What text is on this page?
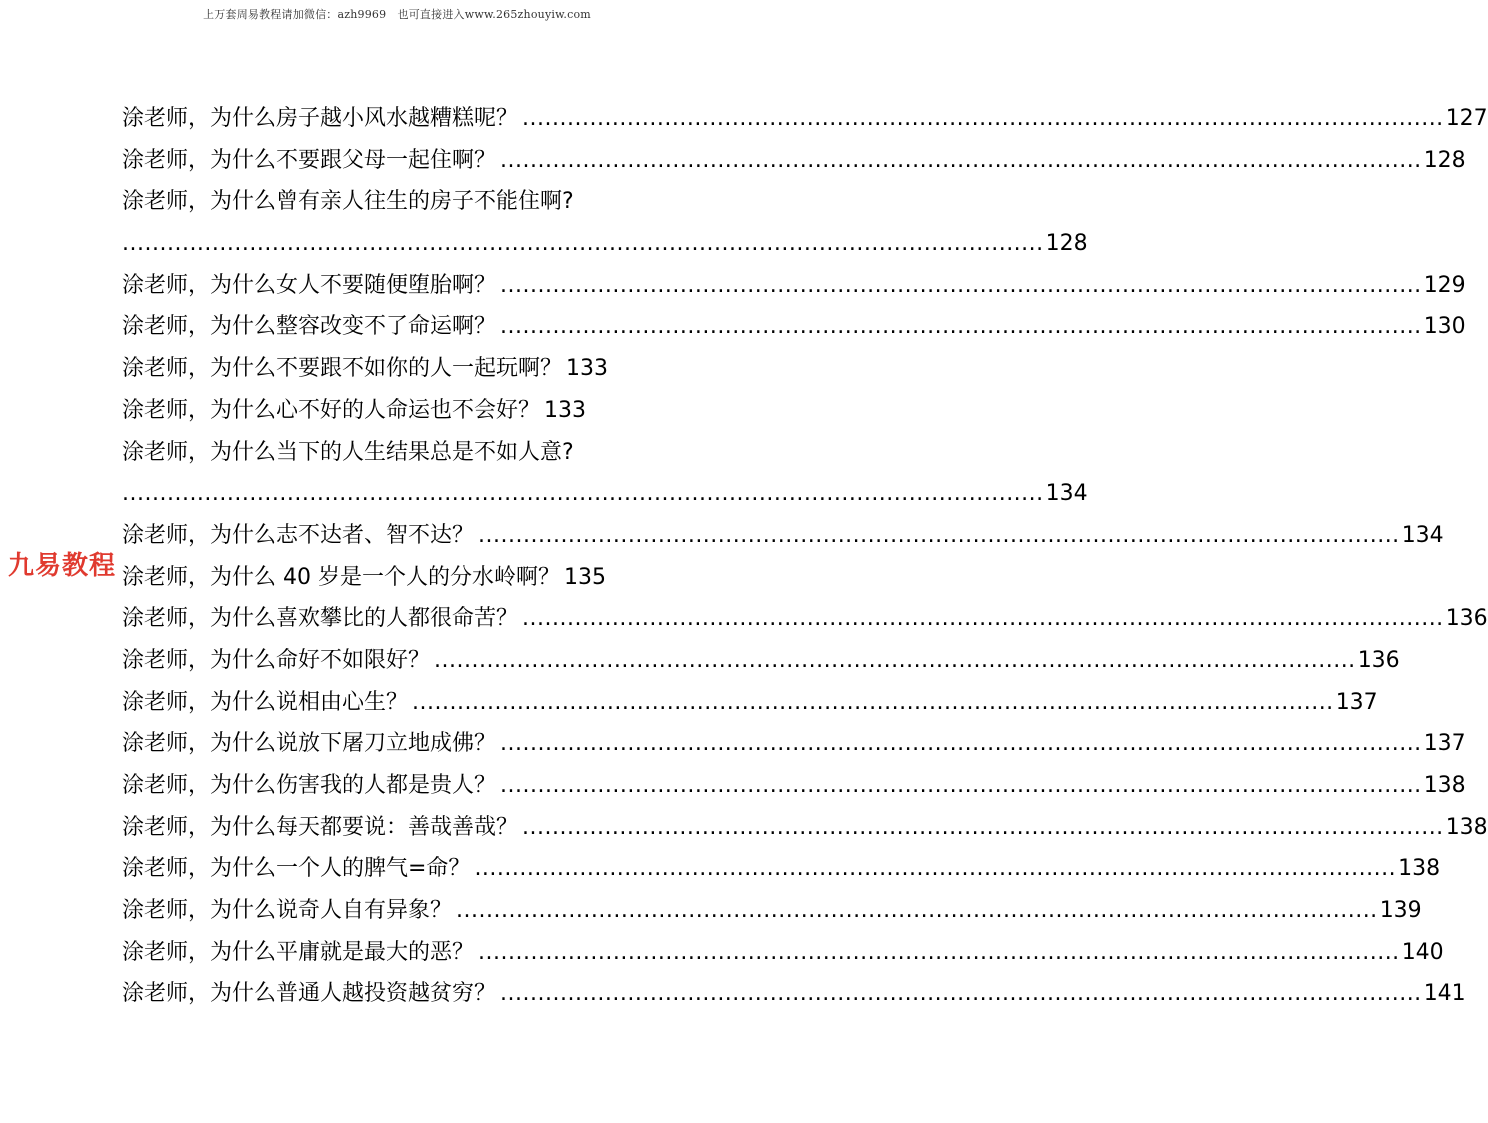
上万套周易教程请加微信：azh9969　也可直接进入www.265zhouyiw.com
涂老师，为什么房子越小风水越糟糕呢？ ........................................................................................................................... 127
涂老师，为什么不要跟父母一起住啊？ ........................................................................................................................... 128
涂老师，为什么曾有亲人往生的房子不能住啊?
........................................................................................................................... 128
涂老师，为什么女人不要随便堕胎啊？ ........................................................................................................................... 129
涂老师，为什么整容改变不了命运啊？ ........................................................................................................................... 130
涂老师，为什么不要跟不如你的人一起玩啊？ 133
涂老师，为什么心不好的人命运也不会好？ 133
涂老师，为什么当下的人生结果总是不如人意?
........................................................................................................................... 134
涂老师，为什么志不达者、智不达？ ........................................................................................................................... 134
涂老师，为什么 40 岁是一个人的分水岭啊？ 135
涂老师，为什么喜欢攀比的人都很命苦？ ........................................................................................................................... 136
涂老师，为什么命好不如限好？ ........................................................................................................................... 136
涂老师，为什么说相由心生？ ........................................................................................................................... 137
涂老师，为什么说放下屠刀立地成佛？ ........................................................................................................................... 137
涂老师，为什么伤害我的人都是贵人？ ........................................................................................................................... 138
涂老师，为什么每天都要说：善哉善哉？ ........................................................................................................................... 138
涂老师，为什么一个人的脾气=命？ ........................................................................................................................... 138
涂老师，为什么说奇人自有异象？ ........................................................................................................................... 139
涂老师，为什么平庸就是最大的恶？ ........................................................................................................................... 140
涂老师，为什么普通人越投资越贫穷？ ........................................................................................................................... 141
九易教程
